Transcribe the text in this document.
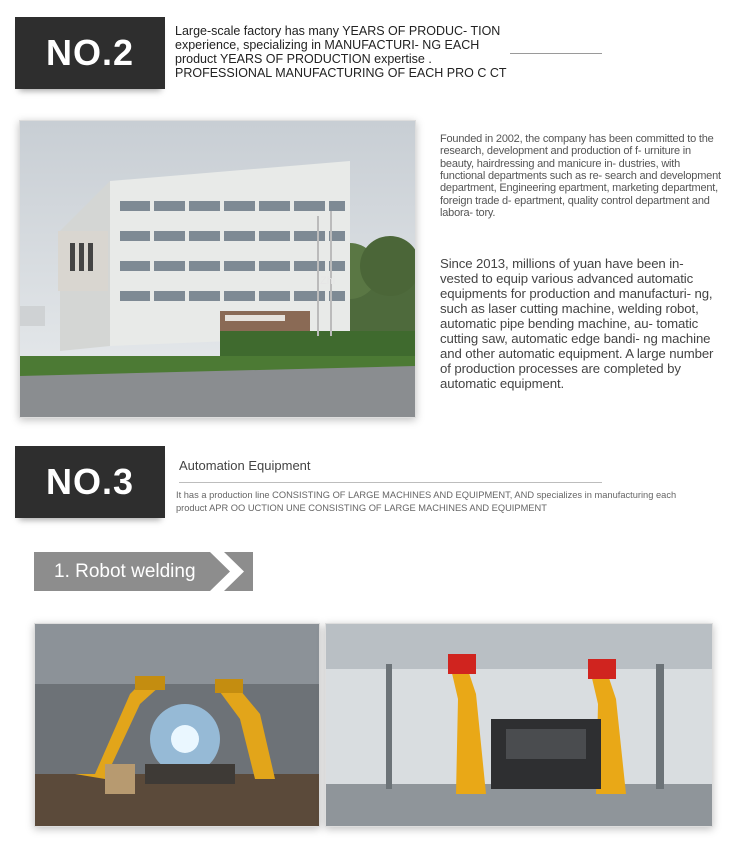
NO.2
Large-scale factory has many YEARS OF PRODUC- TION experience, specializing in MANUFACTURI- NG EACH product YEARS OF PRODUCTION expertise . PROFESSIONAL MANUFACTURING OF EACH PRO C CT
Zhi
Founded in 2002, the company has been committed to the research, development and production of f- urniture in beauty, hairdressing and manicure in- dustries, with functional departments such as re- search and development department, Engineering epartment, marketing department, foreign trade d- epartment, quality control department and labora- tory.
Since 2013, millions of yuan have been in- vested to equip various advanced automatic equipments for production and manufacturi- ng, such as laser cutting machine, welding robot, automatic pipe bending machine, au- tomatic cutting saw, automatic edge bandi- ng machine and other automatic equipment. A large number of production processes are completed by automatic equipment.
NO.3	Automation Equipment
It has a production line CONSISTING OF LARGE MACHINES AND EQUIPMENT, AND specializes in manufacturing each product APR OO UCTION UNE CONSISTING OF LARGE MACHINES AND EQUIPMENT
1. Robot welding
